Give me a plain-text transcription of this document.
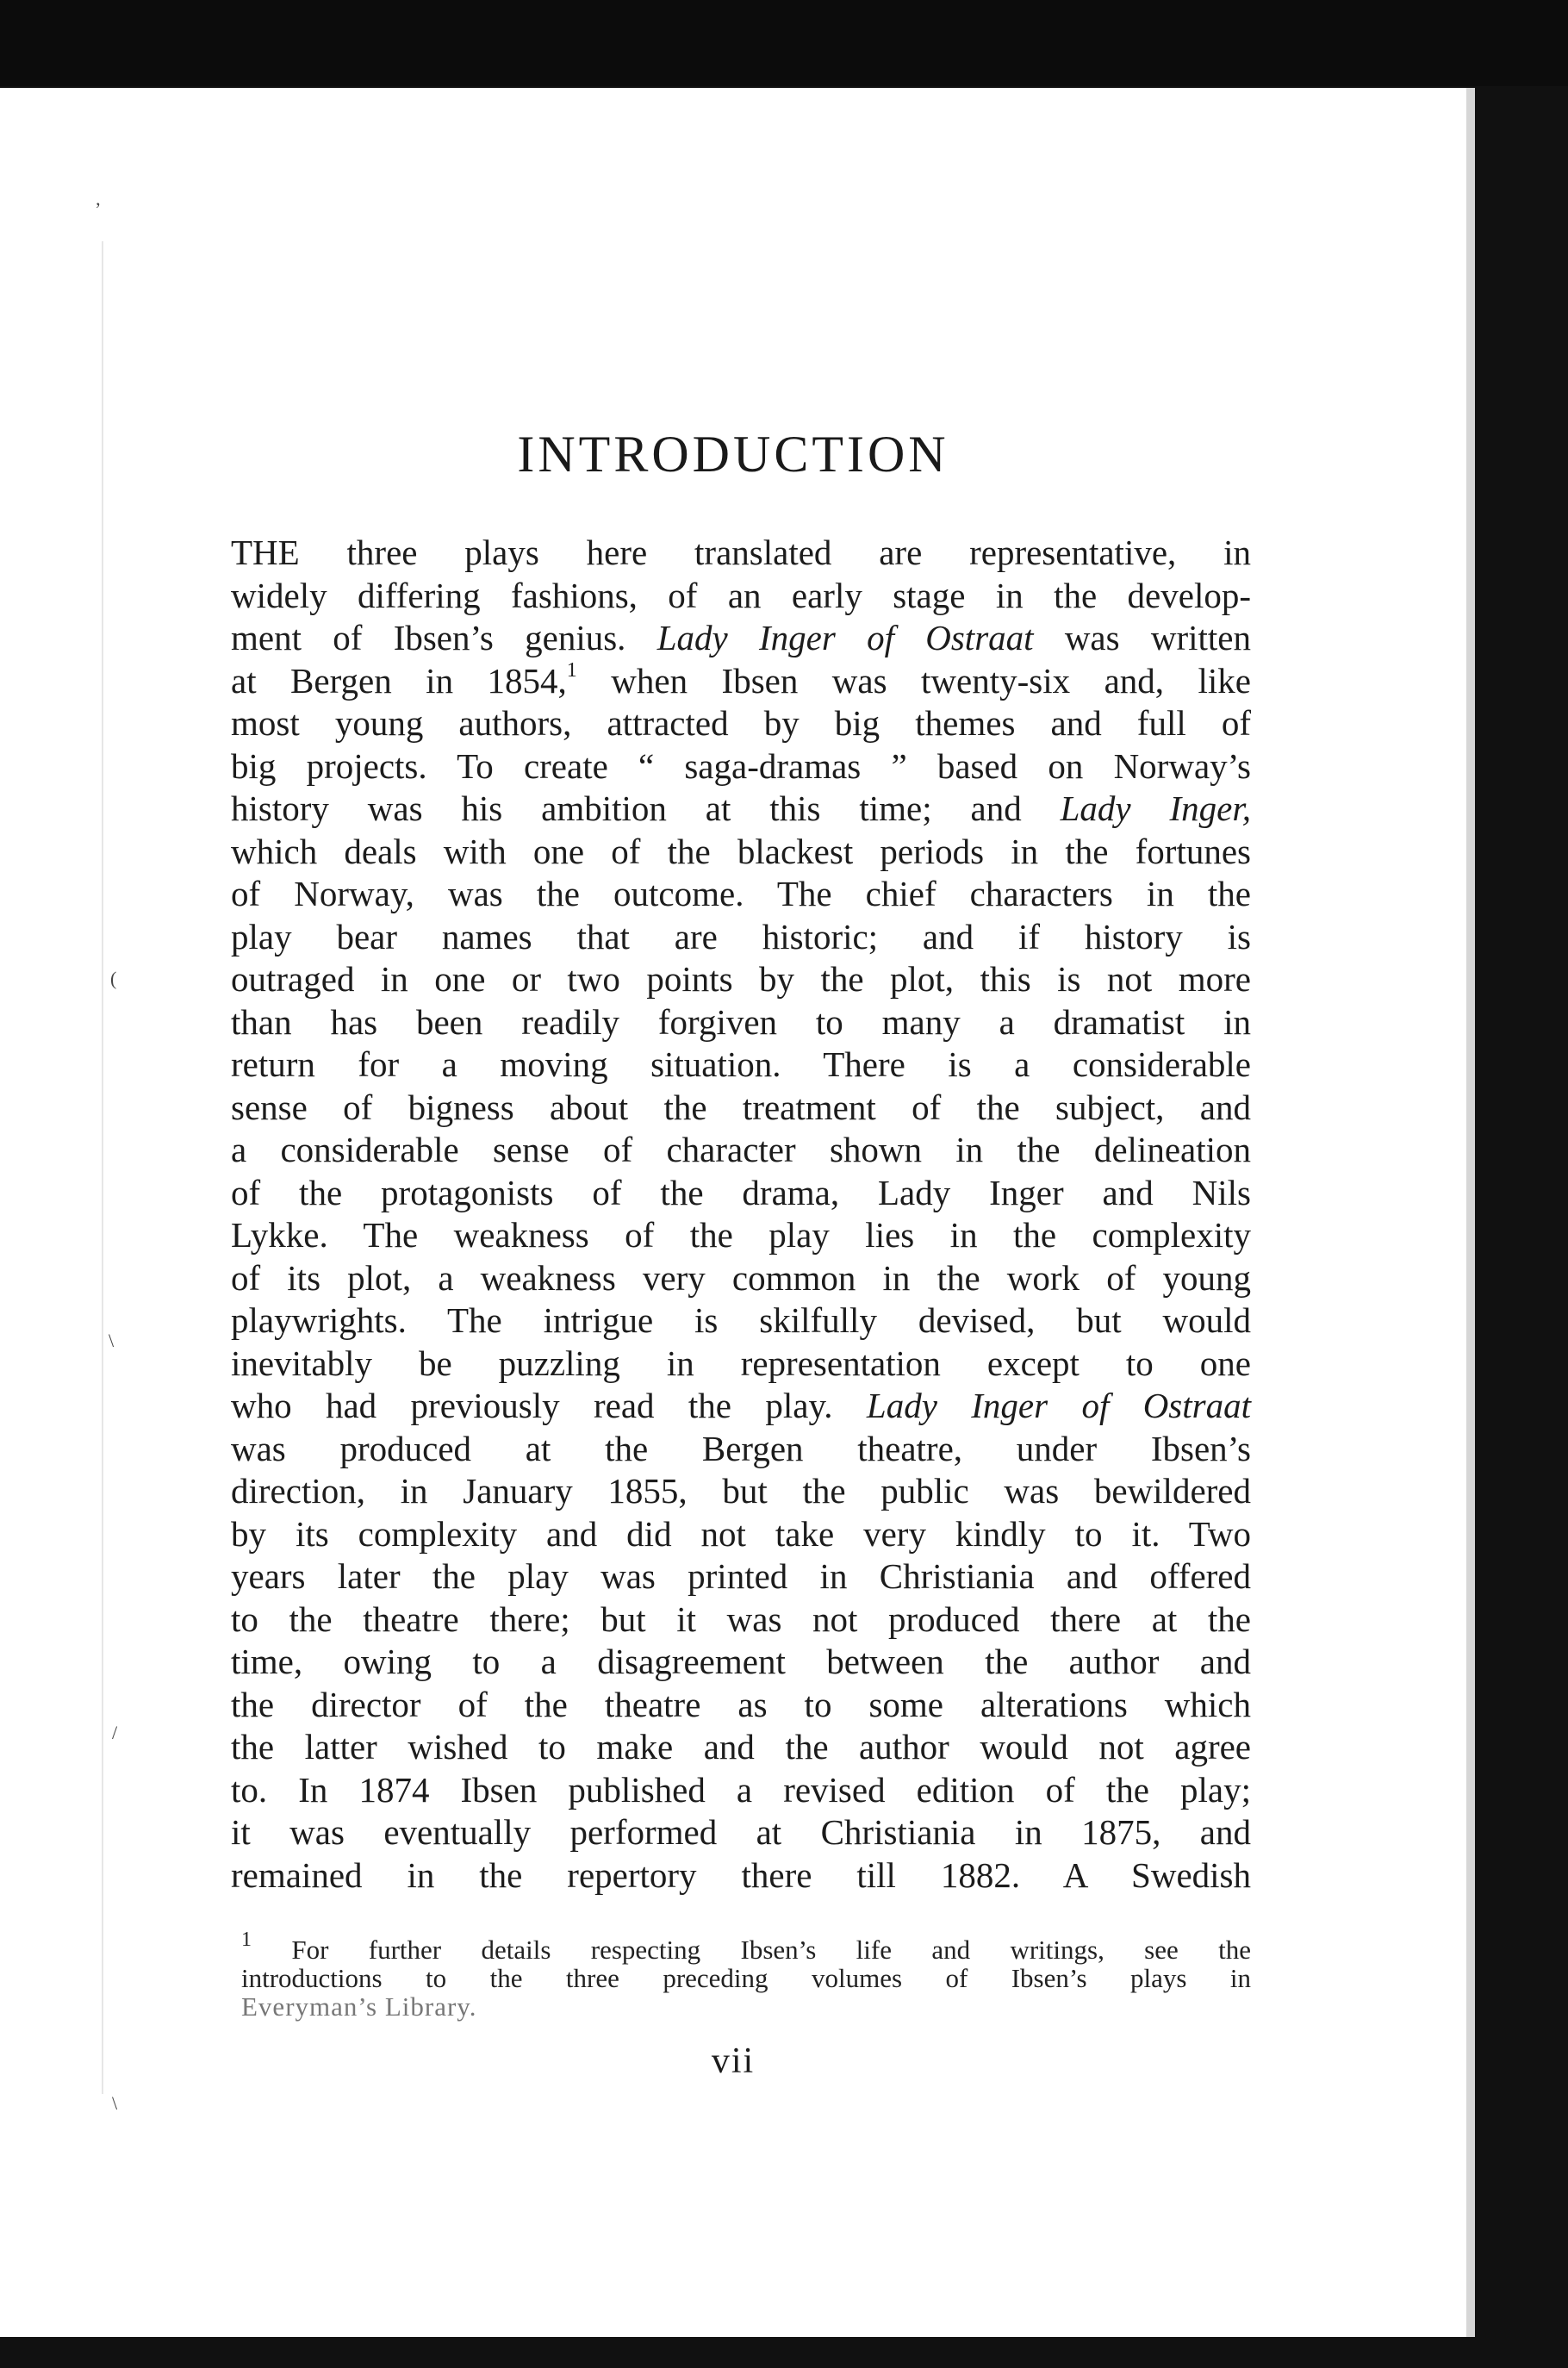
’
(
\
/
\
INTRODUCTION
THE three plays here translated are representative, in
widely differing fashions, of an early stage in the develop-
ment of Ibsen’s genius. Lady Inger of Ostraat was written
at Bergen in 1854,$^1$ when Ibsen was twenty-six and, like
most young authors, attracted by big themes and full of
big projects. To create “ saga-dramas ” based on Norway’s
history was his ambition at this time; and Lady Inger,
which deals with one of the blackest periods in the fortunes
of Norway, was the outcome. The chief characters in the
play bear names that are historic; and if history is
outraged in one or two points by the plot, this is not more
than has been readily forgiven to many a dramatist in
return for a moving situation. There is a considerable
sense of bigness about the treatment of the subject, and
a considerable sense of character shown in the delineation
of the protagonists of the drama, Lady Inger and Nils
Lykke. The weakness of the play lies in the complexity
of its plot, a weakness very common in the work of young
playwrights. The intrigue is skilfully devised, but would
inevitably be puzzling in representation except to one
who had previously read the play. Lady Inger of Ostraat
was produced at the Bergen theatre, under Ibsen’s
direction, in January 1855, but the public was bewildered
by its complexity and did not take very kindly to it. Two
years later the play was printed in Christiania and offered
to the theatre there; but it was not produced there at the
time, owing to a disagreement between the author and
the director of the theatre as to some alterations which
the latter wished to make and the author would not agree
to. In 1874 Ibsen published a revised edition of the play;
it was eventually performed at Christiania in 1875, and
remained in the repertory there till 1882. A Swedish
$^1$ For further details respecting Ibsen’s life and writings, see the
introductions to the three preceding volumes of Ibsen’s plays in
Everyman’s Library.
vii
